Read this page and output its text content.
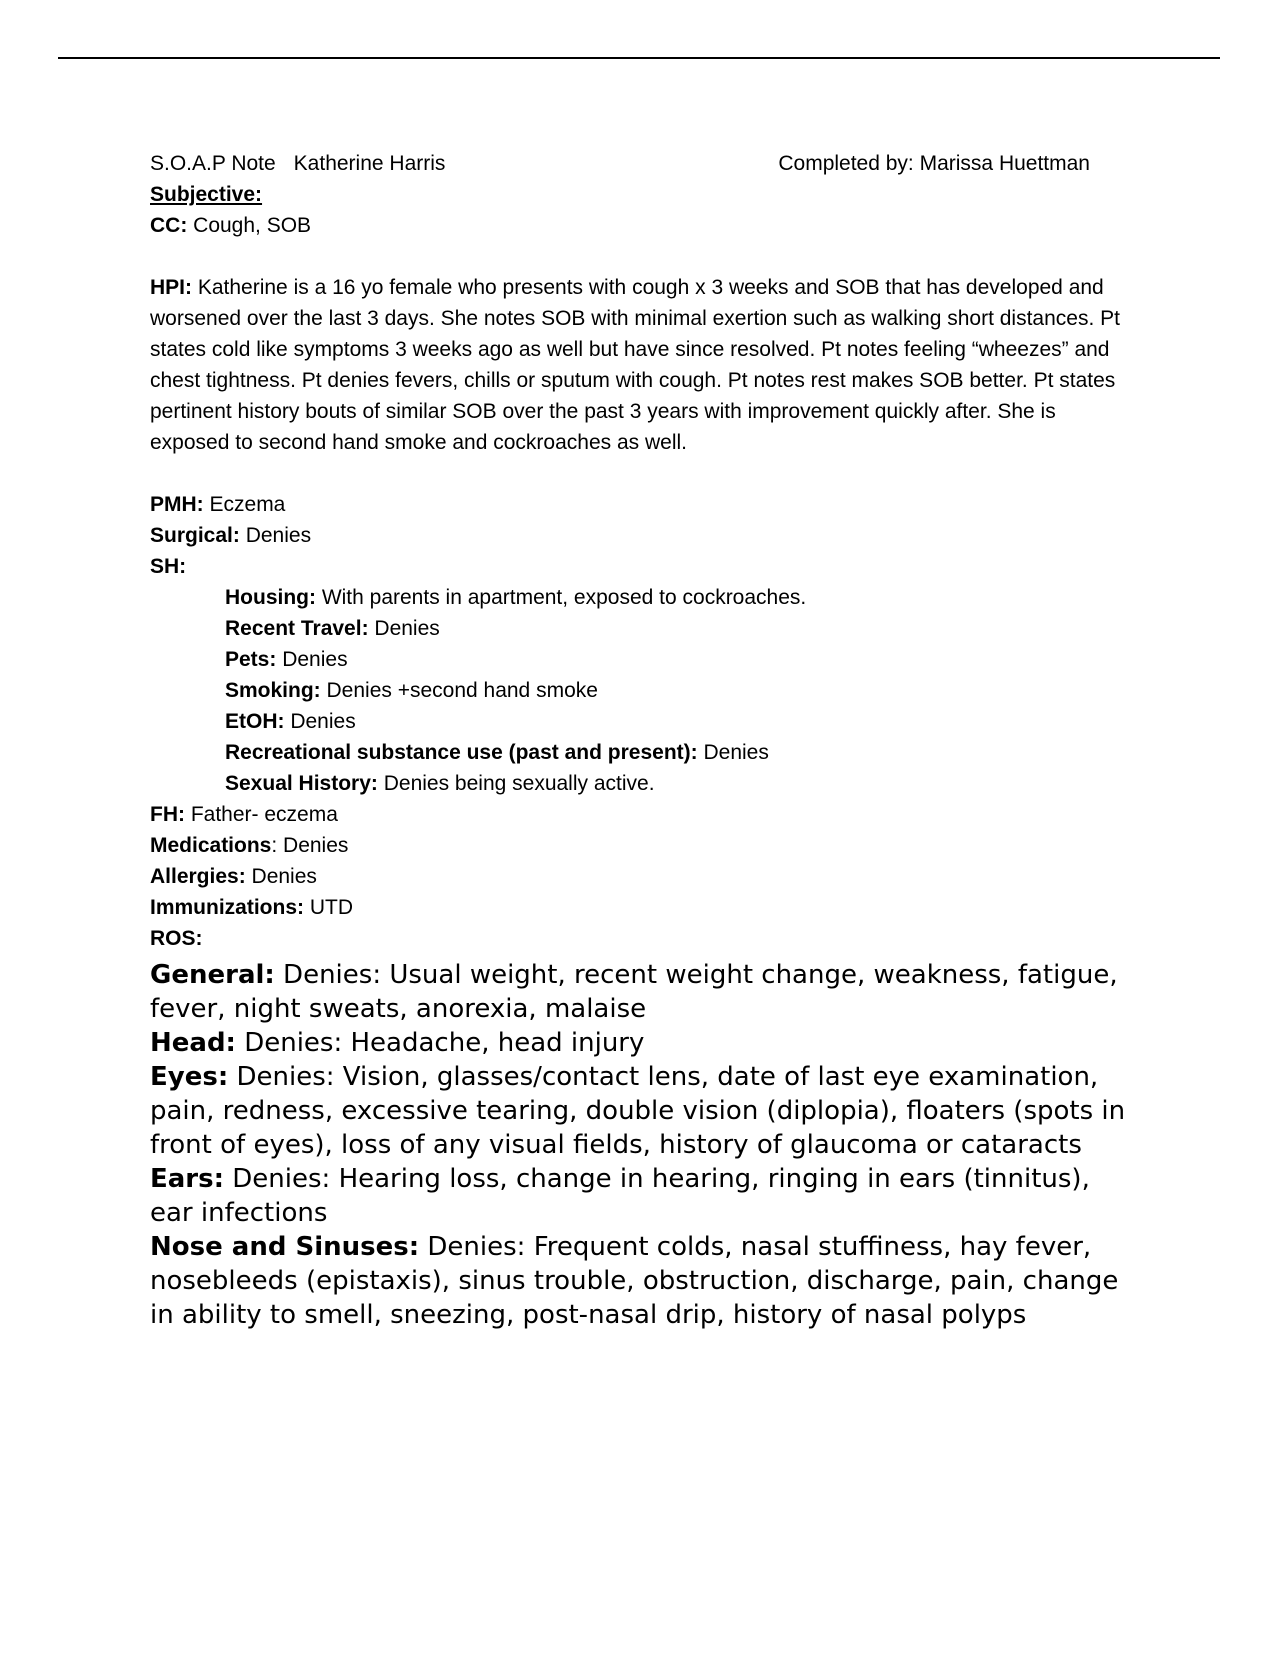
S.O.A.P Note Katherine Harris	Completed by: Marissa Huettman

Subjective:

CC: Cough, SOB

HPI: Katherine is a 16 yo female who presents with cough x 3 weeks and SOB that has developed and worsened over the last 3 days. She notes SOB with minimal exertion such as walking short distances. Pt states cold like symptoms 3 weeks ago as well but have since resolved. Pt notes feeling “wheezes” and chest tightness. Pt denies fevers, chills or sputum with cough. Pt notes rest makes SOB better. Pt states pertinent history bouts of similar SOB over the past 3 years with improvement quickly after. She is exposed to second hand smoke and cockroaches as well.

PMH: Eczema

Surgical: Denies

SH:

Housing: With parents in apartment, exposed to cockroaches.

Recent Travel: Denies

Pets: Denies

Smoking: Denies +second hand smoke

EtOH: Denies

Recreational substance use (past and present): Denies

Sexual History: Denies being sexually active.

FH: Father- eczema

Medications: Denies

Allergies: Denies

Immunizations: UTD

ROS:

General: Denies: Usual weight, recent weight change, weakness, fatigue, fever, night sweats, anorexia, malaise

Head: Denies: Headache, head injury

Eyes: Denies: Vision, glasses/contact lens, date of last eye examination, pain, redness, excessive tearing, double vision (diplopia), floaters (spots in front of eyes), loss of any visual fields, history of glaucoma or cataracts

Ears: Denies: Hearing loss, change in hearing, ringing in ears (tinnitus), ear infections

Nose and Sinuses: Denies: Frequent colds, nasal stuffiness, hay fever, nosebleeds (epistaxis), sinus trouble, obstruction, discharge, pain, change in ability to smell, sneezing, post-nasal drip, history of nasal polyps
